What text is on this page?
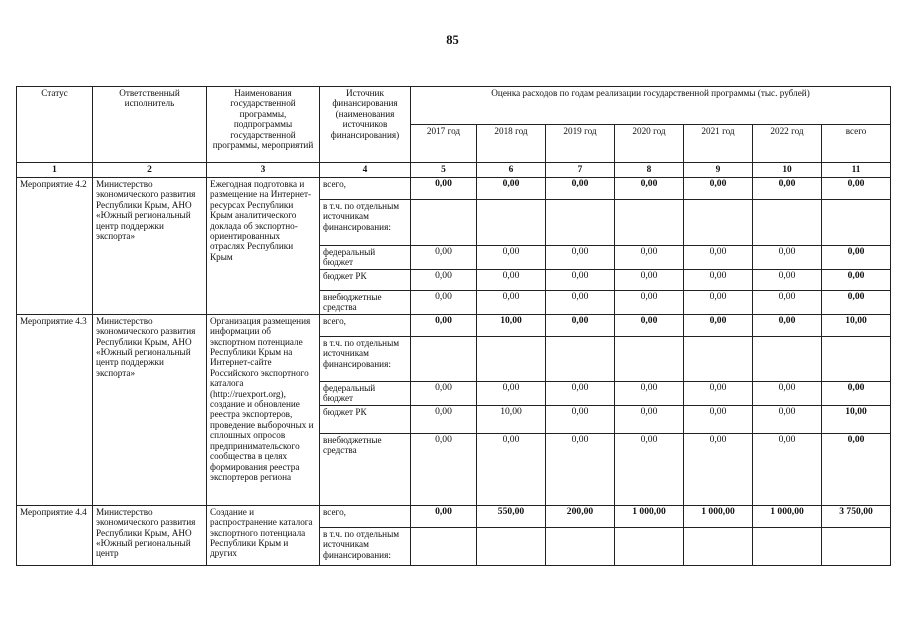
85
Статус	Ответственный исполнитель	Наименования государственной программы, подпрограммы государственной программы, мероприятий	Источник финансирования (наименования источников финансирования)	Оценка расходов по годам реализации государственной программы (тыс. рублей)						
				2017 год	2018 год	2019 год	2020 год	2021 год	2022 год	всего
1	2	3	4	5	6	7	8	9	10	11
Мероприятие 4.2	Министерство экономического развития Республики Крым, АНО «Южный региональный центр поддержки экспорта»	Ежегодная подготовка и размещение на Интернет-ресурсах Республики Крым аналитического доклада об экспортно-ориентированных отраслях Республики Крым	всего,	0,00	0,00	0,00	0,00	0,00	0,00	0,00
			в т.ч. по отдельным источникам финансирования:							
			федеральный бюджет	0,00	0,00	0,00	0,00	0,00	0,00	0,00
			бюджет РК	0,00	0,00	0,00	0,00	0,00	0,00	0,00
			внебюджетные средства	0,00	0,00	0,00	0,00	0,00	0,00	0,00
Мероприятие 4.3	Министерство экономического развития Республики Крым, АНО «Южный региональный центр поддержки экспорта»	Организация размещения информации об экспортном потенциале Республики Крым на Интернет-сайте Российского экспортного каталога (http://ruexport.org), создание и обновление реестра экспортеров, проведение выборочных и сплошных опросов предпринимательского сообщества в целях формирования реестра экспортеров региона	всего,	0,00	10,00	0,00	0,00	0,00	0,00	10,00
			в т.ч. по отдельным источникам финансирования:							
			федеральный бюджет	0,00	0,00	0,00	0,00	0,00	0,00	0,00
			бюджет РК	0,00	10,00	0,00	0,00	0,00	0,00	10,00
			внебюджетные средства	0,00	0,00	0,00	0,00	0,00	0,00	0,00
Мероприятие 4.4	Министерство экономического развития Республики Крым, АНО «Южный региональный центр	Создание и распространение каталога экспортного потенциала Республики Крым и других	всего,	0,00	550,00	200,00	1 000,00	1 000,00	1 000,00	3 750,00
			в т.ч. по отдельным источникам финансирования:							
